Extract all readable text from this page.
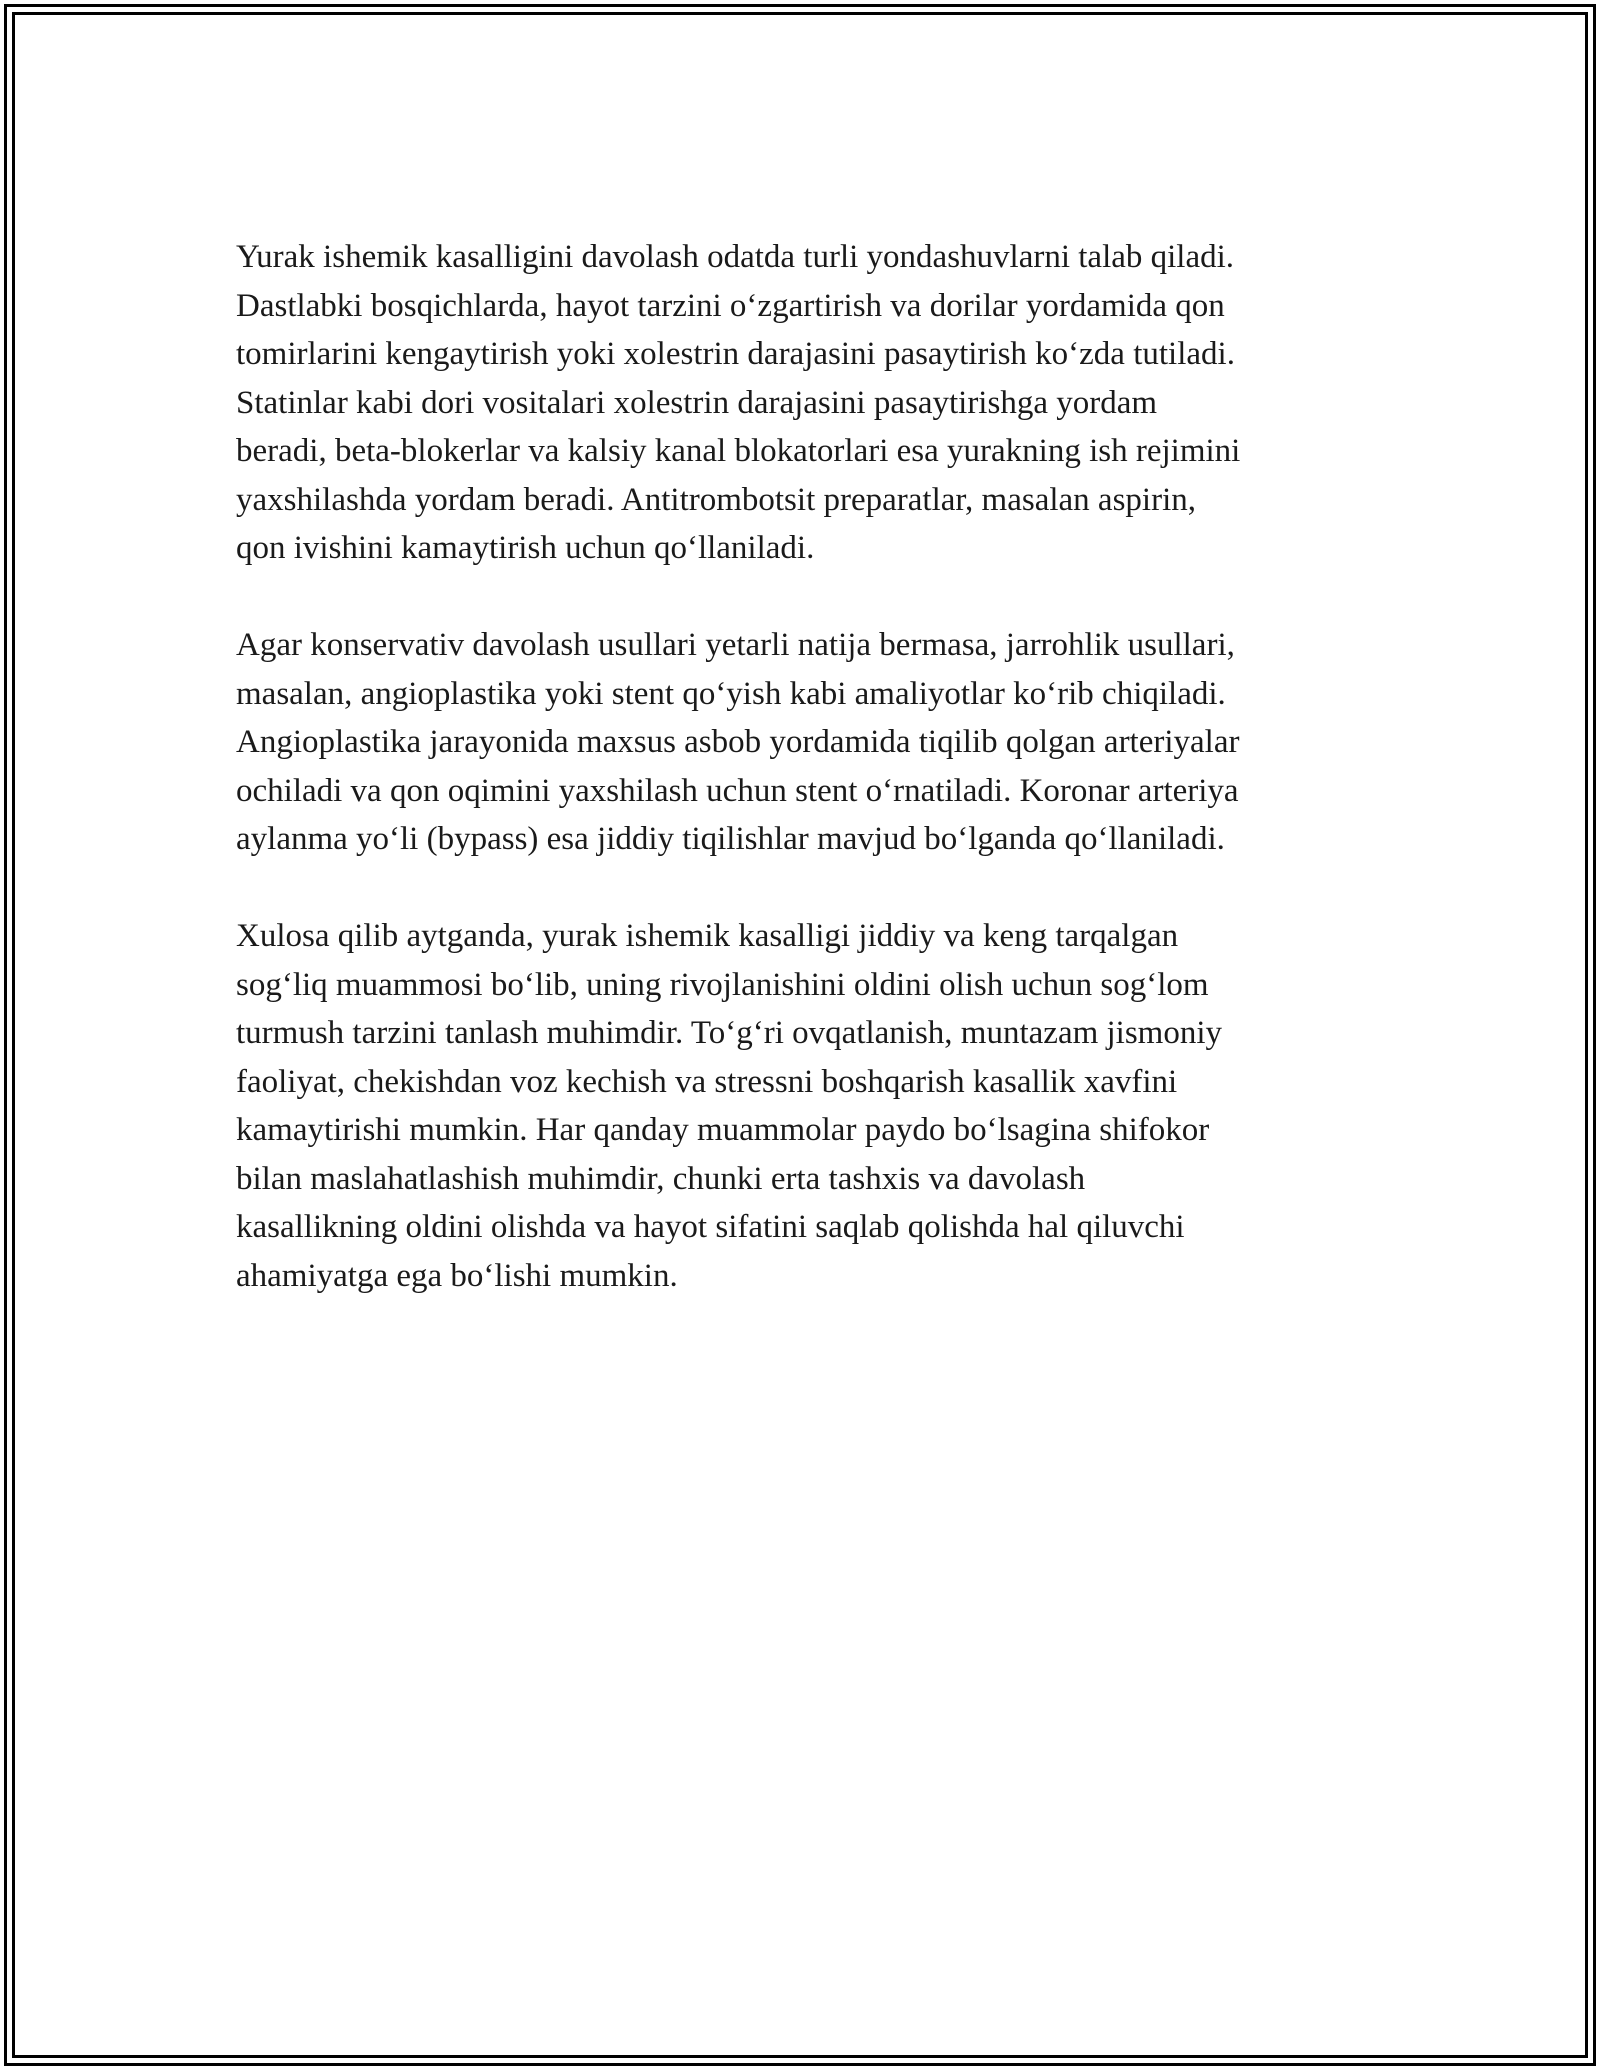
Yurak ishemik kasalligini davolash odatda turli yondashuvlarni talab qiladi.
Dastlabki bosqichlarda, hayot tarzini o‘zgartirish va dorilar yordamida qon
tomirlarini kengaytirish yoki xolestrin darajasini pasaytirish ko‘zda tutiladi.
Statinlar kabi dori vositalari xolestrin darajasini pasaytirishga yordam
beradi, beta-blokerlar va kalsiy kanal blokatorlari esa yurakning ish rejimini
yaxshilashda yordam beradi. Antitrombotsit preparatlar, masalan aspirin,
qon ivishini kamaytirish uchun qo‘llaniladi.

Agar konservativ davolash usullari yetarli natija bermasa, jarrohlik usullari,
masalan, angioplastika yoki stent qo‘yish kabi amaliyotlar ko‘rib chiqiladi.
Angioplastika jarayonida maxsus asbob yordamida tiqilib qolgan arteriyalar
ochiladi va qon oqimini yaxshilash uchun stent o‘rnatiladi. Koronar arteriya
aylanma yo‘li (bypass) esa jiddiy tiqilishlar mavjud bo‘lganda qo‘llaniladi.

Xulosa qilib aytganda, yurak ishemik kasalligi jiddiy va keng tarqalgan
sog‘liq muammosi bo‘lib, uning rivojlanishini oldini olish uchun sog‘lom
turmush tarzini tanlash muhimdir. To‘g‘ri ovqatlanish, muntazam jismoniy
faoliyat, chekishdan voz kechish va stressni boshqarish kasallik xavfini
kamaytirishi mumkin. Har qanday muammolar paydo bo‘lsagina shifokor
bilan maslahatlashish muhimdir, chunki erta tashxis va davolash
kasallikning oldini olishda va hayot sifatini saqlab qolishda hal qiluvchi
ahamiyatga ega bo‘lishi mumkin.
